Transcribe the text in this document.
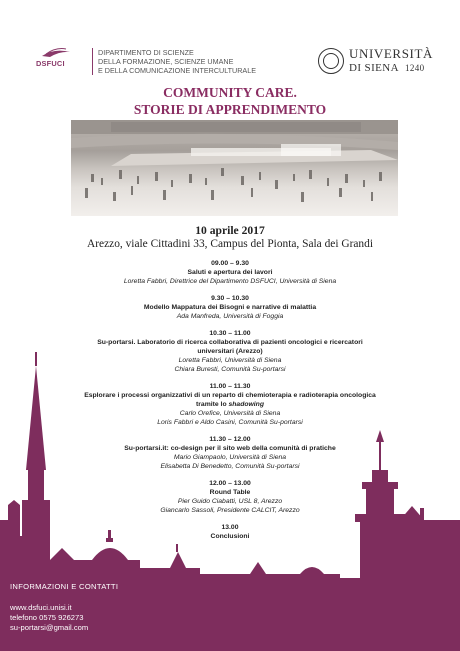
DSFUCI
DIPARTIMENTO DI SCIENZE
DELLA FORMAZIONE, SCIENZE UMANE
E DELLA COMUNICAZIONE INTERCULTURALE
UNIVERSITÀ
DI SIENA 1240
COMMUNITY CARE.
STORIE DI APPRENDIMENTO
10 aprile 2017
Arezzo, viale Cittadini 33, Campus del Pionta, Sala dei Grandi
09.00 – 9.30
Saluti e apertura dei lavori
Loretta Fabbri, Direttrice del Dipartimento DSFUCI, Università di Siena
9.30 – 10.30
Modello Mappatura dei Bisogni e narrative di malattia
Ada Manfreda, Università di Foggia
10.30 – 11.00
Su-portarsi. Laboratorio di ricerca collaborativa di pazienti oncologici e ricercatori
universitari (Arezzo)
Loretta Fabbri, Università di Siena
Chiara Buresti, Comunità Su-portarsi
11.00 – 11.30
Esplorare i processi organizzativi di un reparto di chemioterapia e radioterapia oncologica
tramite lo shadowing
Carlo Orefice, Università di Siena
Loris Fabbri e Aldo Casini, Comunità Su-portarsi
11.30 – 12.00
Su-portarsi.it: co-design per il sito web della comunità di pratiche
Mario Giampaolo, Università di Siena
Elisabetta Di Benedetto, Comunità Su-portarsi
12.00 – 13.00
Round Table
Pier Guido Ciabatti, USL 8, Arezzo
Giancarlo Sassoli, Presidente CALCIT, Arezzo
13.00
Conclusioni
INFORMAZIONI E CONTATTI
www.dsfuci.unisi.it
telefono 0575 926273
su-portarsi@gmail.com
